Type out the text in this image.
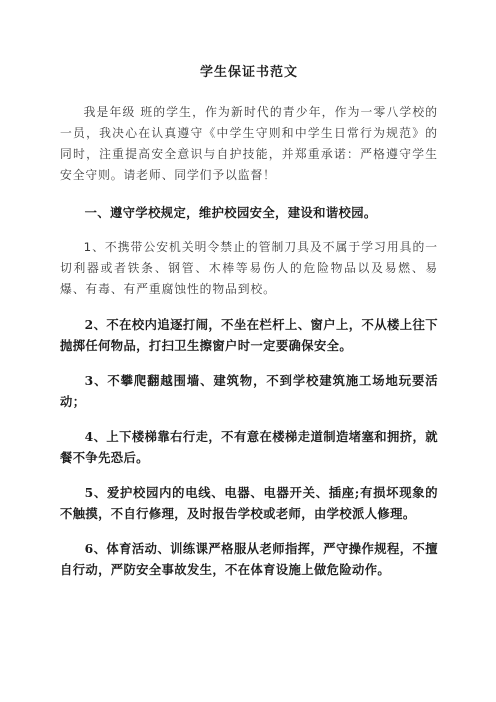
学生保证书范文

我是年级 班的学生，作为新时代的青少年，作为一零八学校的一员，我决心在认真遵守《中学生守则和中学生日常行为规范》的同时，注重提高安全意识与自护技能，并郑重承诺：严格遵守学生安全守则。请老师、同学们予以监督！

一、遵守学校规定，维护校园安全，建设和谐校园。

1、不携带公安机关明令禁止的管制刀具及不属于学习用具的一切利器或者铁条、钢管、木棒等易伤人的危险物品以及易燃、易爆、有毒、有严重腐蚀性的物品到校。

2、不在校内追逐打闹，不坐在栏杆上、窗户上，不从楼上往下抛掷任何物品，打扫卫生擦窗户时一定要确保安全。

3、不攀爬翻越围墙、建筑物，不到学校建筑施工场地玩要活动；

4、上下楼梯靠右行走，不有意在楼梯走道制造堵塞和拥挤，就餐不争先恐后。

5、爱护校园内的电线、电器、电器开关、插座;有损坏现象的不触摸，不自行修理，及时报告学校或老师，由学校派人修理。

6、体育活动、训练课严格服从老师指挥，严守操作规程，不擅自行动，严防安全事故发生，不在体育设施上做危险动作。
